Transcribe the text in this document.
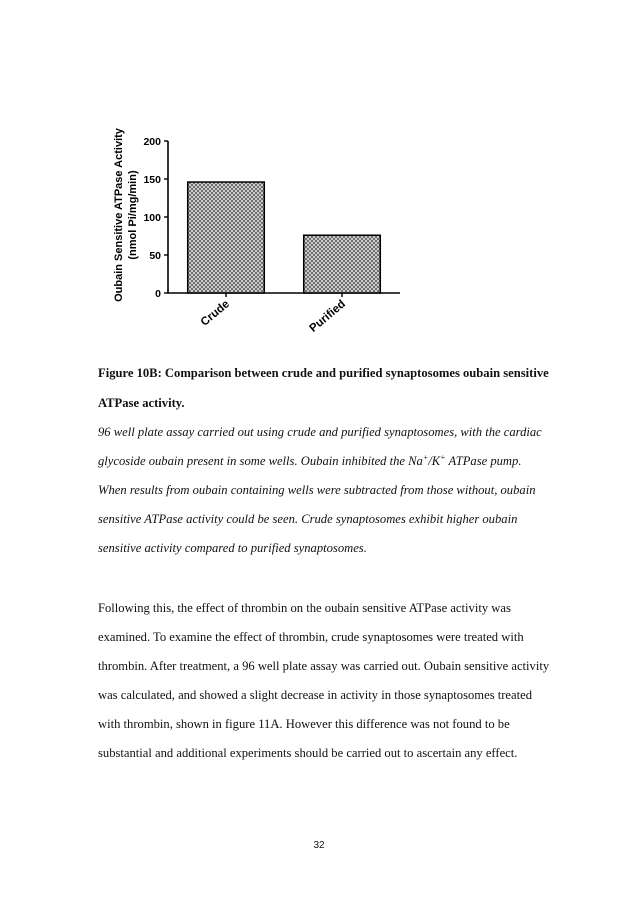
Oubain Sensitive ATPase Activity (nmol Pi/mg/min)
0
50
100
150
200
Crude	Purified
Figure 10B: Comparison between crude and purified synaptosomes oubain sensitive
ATPase activity.
96 well plate assay carried out using crude and purified synaptosomes, with the cardiac
glycoside oubain present in some wells. Oubain inhibited the Na+/K+ ATPase pump.
When results from oubain containing wells were subtracted from those without, oubain
sensitive ATPase activity could be seen. Crude synaptosomes exhibit higher oubain
sensitive activity compared to purified synaptosomes.
Following this, the effect of thrombin on the oubain sensitive ATPase activity was
examined. To examine the effect of thrombin, crude synaptosomes were treated with
thrombin. After treatment, a 96 well plate assay was carried out. Oubain sensitive activity
was calculated, and showed a slight decrease in activity in those synaptosomes treated
with thrombin, shown in figure 11A. However this difference was not found to be
substantial and additional experiments should be carried out to ascertain any effect.
32
